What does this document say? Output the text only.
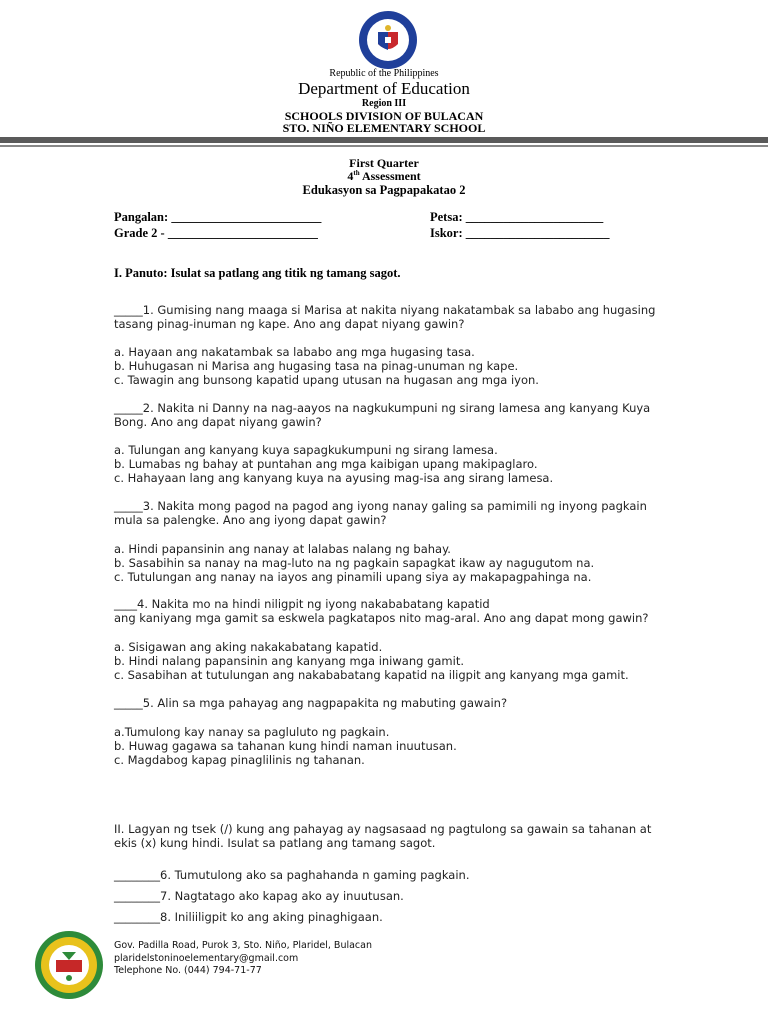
Republic of the Philippines
Department of Education
Region III
SCHOOLS DIVISION OF BULACAN
STO. NIÑO ELEMENTARY SCHOOL
First Quarter
4th Assessment
Edukasyon sa Pagpapakatao 2
Pangalan: ________________________
Grade 2 - ________________________
Petsa: ______________________
Iskor: _______________________
I. Panuto: Isulat sa patlang ang titik ng tamang sagot.
_____1. Gumising nang maaga si Marisa at nakita niyang nakatambak sa lababo ang hugasing
tasang pinag-inuman ng kape. Ano ang dapat niyang gawin?
a. Hayaan ang nakatambak sa lababo ang mga hugasing tasa.
b. Huhugasan ni Marisa ang hugasing tasa na pinag-unuman ng kape.
c. Tawagin ang bunsong kapatid upang utusan na hugasan ang mga iyon.
_____2. Nakita ni Danny na nag-aayos na nagkukumpuni ng sirang lamesa ang kanyang Kuya
Bong. Ano ang dapat niyang gawin?
a. Tulungan ang kanyang kuya sapagkukumpuni ng sirang lamesa.
b. Lumabas ng bahay at puntahan ang mga kaibigan upang makipaglaro.
c. Hahayaan lang ang kanyang kuya na ayusing mag-isa ang sirang lamesa.
_____3. Nakita mong pagod na pagod ang iyong nanay galing sa pamimili ng inyong pagkain
mula sa palengke. Ano ang iyong dapat gawin?
a. Hindi papansinin ang nanay at lalabas nalang ng bahay.
b. Sasabihin sa nanay na mag-luto na ng pagkain sapagkat ikaw ay nagugutom na.
c. Tutulungan ang nanay na iayos ang pinamili upang siya ay makapagpahinga na.
____4. Nakita mo na hindi niligpit ng iyong nakababatang kapatid
ang kaniyang mga gamit sa eskwela pagkatapos nito mag-aral. Ano ang dapat mong gawin?
a. Sisigawan ang aking nakakabatang kapatid.
b. Hindi nalang papansinin ang kanyang mga iniwang gamit.
c. Sasabihan at tutulungan ang nakababatang kapatid na iligpit ang kanyang mga gamit.
_____5. Alin sa mga pahayag ang nagpapakita ng mabuting gawain?
a.Tumulong kay nanay sa pagluluto ng pagkain.
b. Huwag gagawa sa tahanan kung hindi naman inuutusan.
c. Magdabog kapag pinaglilinis ng tahanan.
II. Lagyan ng tsek (/) kung ang pahayag ay nagsasaad ng pagtulong sa gawain sa tahanan at
ekis (x) kung hindi. Isulat sa patlang ang tamang sagot.
________6. Tumutulong ako sa paghahanda n gaming pagkain.
________7. Nagtatago ako kapag ako ay inuutusan.
________8. Iniliiligpit ko ang aking pinaghigaan.
Gov. Padilla Road, Purok 3, Sto. Niño, Plaridel, Bulacan
plaridelstoninoelementary@gmail.com
Telephone No. (044) 794-71-77
